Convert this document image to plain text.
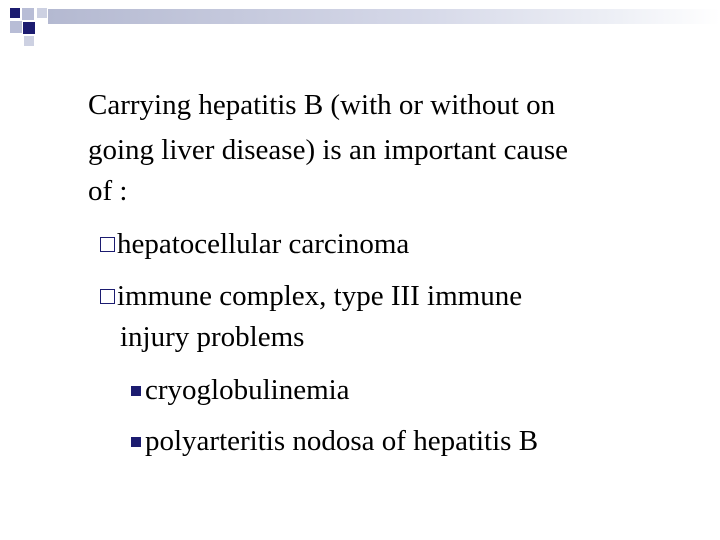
Carrying hepatitis B (with or without on
going liver disease) is an important cause
of :
hepatocellular carcinoma
immune complex, type III immune
injury problems
cryoglobulinemia
polyarteritis nodosa of hepatitis B
